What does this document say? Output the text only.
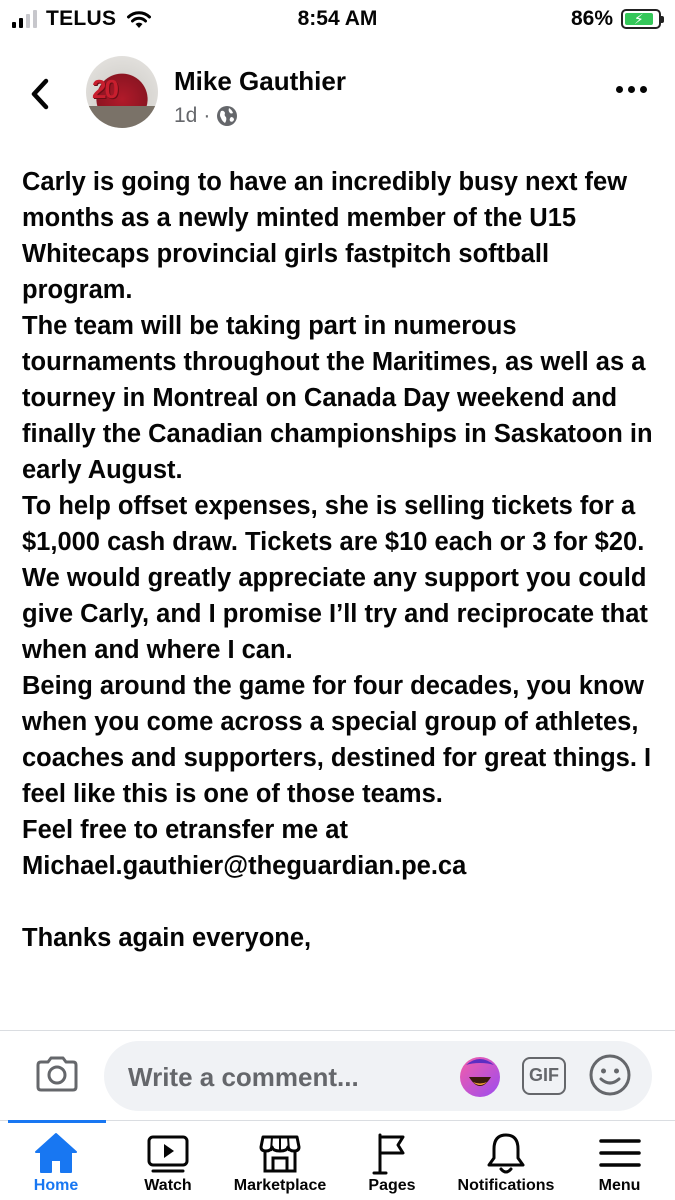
TELUS	8:54 AM	86%	⚡
20 Mike Gauthier
1d ·

Carly is going to have an incredibly busy next few months as a newly minted member of the U15 Whitecaps provincial girls fastpitch softball program.

The team will be taking part in numerous tournaments throughout the Maritimes, as well as a tourney in Montreal on Canada Day weekend and finally the Canadian championships in Saskatoon in early August.

To help offset expenses, she is selling tickets for a $1,000 cash draw. Tickets are $10 each or 3 for $20.

We would greatly appreciate any support you could give Carly, and I promise I’ll try and reciprocate that when and where I can.

Being around the game for four decades, you know when you come across a special group of athletes, coaches and supporters, destined for great things. I feel like this is one of those teams.

Feel free to etransfer me at Michael.gauthier@theguardian.pe.ca

Thanks again everyone,

Write a comment...	GIF
Home	Watch	Marketplace	Pages	Notifications	Menu
